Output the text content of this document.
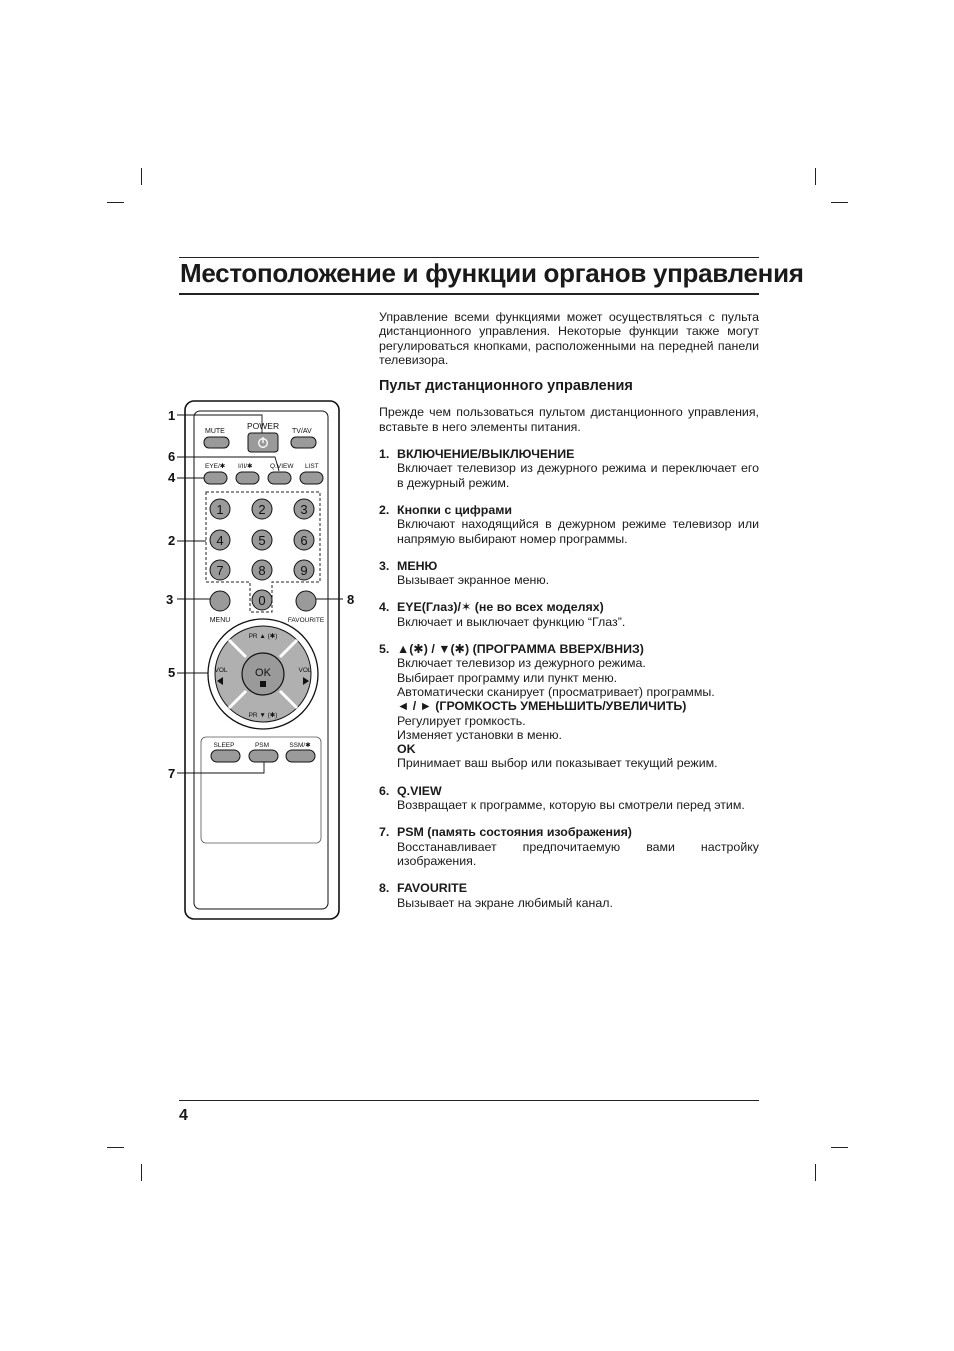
Местоположение и функции органов управления
MUTE
POWER
TV/AV
EYE/✱ I/II/✱	Q.VIEW LIST
1	2	3
4	5	6
7	8	9
0
MENU	FAVOURITE
OK
PR ▲ (✱)
PR ▼ (✱)
VOL	VOL
SLEEP	PSM	SSM/✱
1
6
4
2
3	8
5
7

Управление всеми функциями может осуществляться с пульта дистанционного управления. Некоторые функции также могут регулироваться кнопками, расположенными на передней панели телевизора.

Пульт дистанционного управления

Прежде чем пользоваться пультом дистанционного управления, вставьте в него элементы питания.

1. ВКЛЮЧЕНИЕ/ВЫКЛЮЧЕНИЕ

Включает телевизор из дежурного режима и переключает его в дежурный режим.

2. Кнопки с цифрами

Включают находящийся в дежурном режиме телевизор или напрямую выбирают номер программы.

3. МЕНЮ

Вызывает экранное меню.

4. EYE(Глаз)/✶ (не во всех моделях)

Включает и выключает функцию “Глаз”.

5. ▲(✱) / ▼(✱) (ПРОГРАММА ВВЕРХ/ВНИЗ)
Включает телевизор из дежурного режима.
Выбирает программу или пункт меню.
Автоматически сканирует (просматривает) программы.
◄ / ► (ГРОМКОСТЬ УМЕНЬШИТЬ/УВЕЛИЧИТЬ)
Регулирует громкость.
Изменяет установки в меню.
OK
Принимает ваш выбор или показывает текущий режим.
6. Q.VIEW

Возвращает к программе, которую вы смотрели перед этим.

7. PSM (память состояния изображения)
Восстанавливает предпочитаемую вами настройку
изображения.
8. FAVOURITE

Вызывает на экране любимый канал.

4
